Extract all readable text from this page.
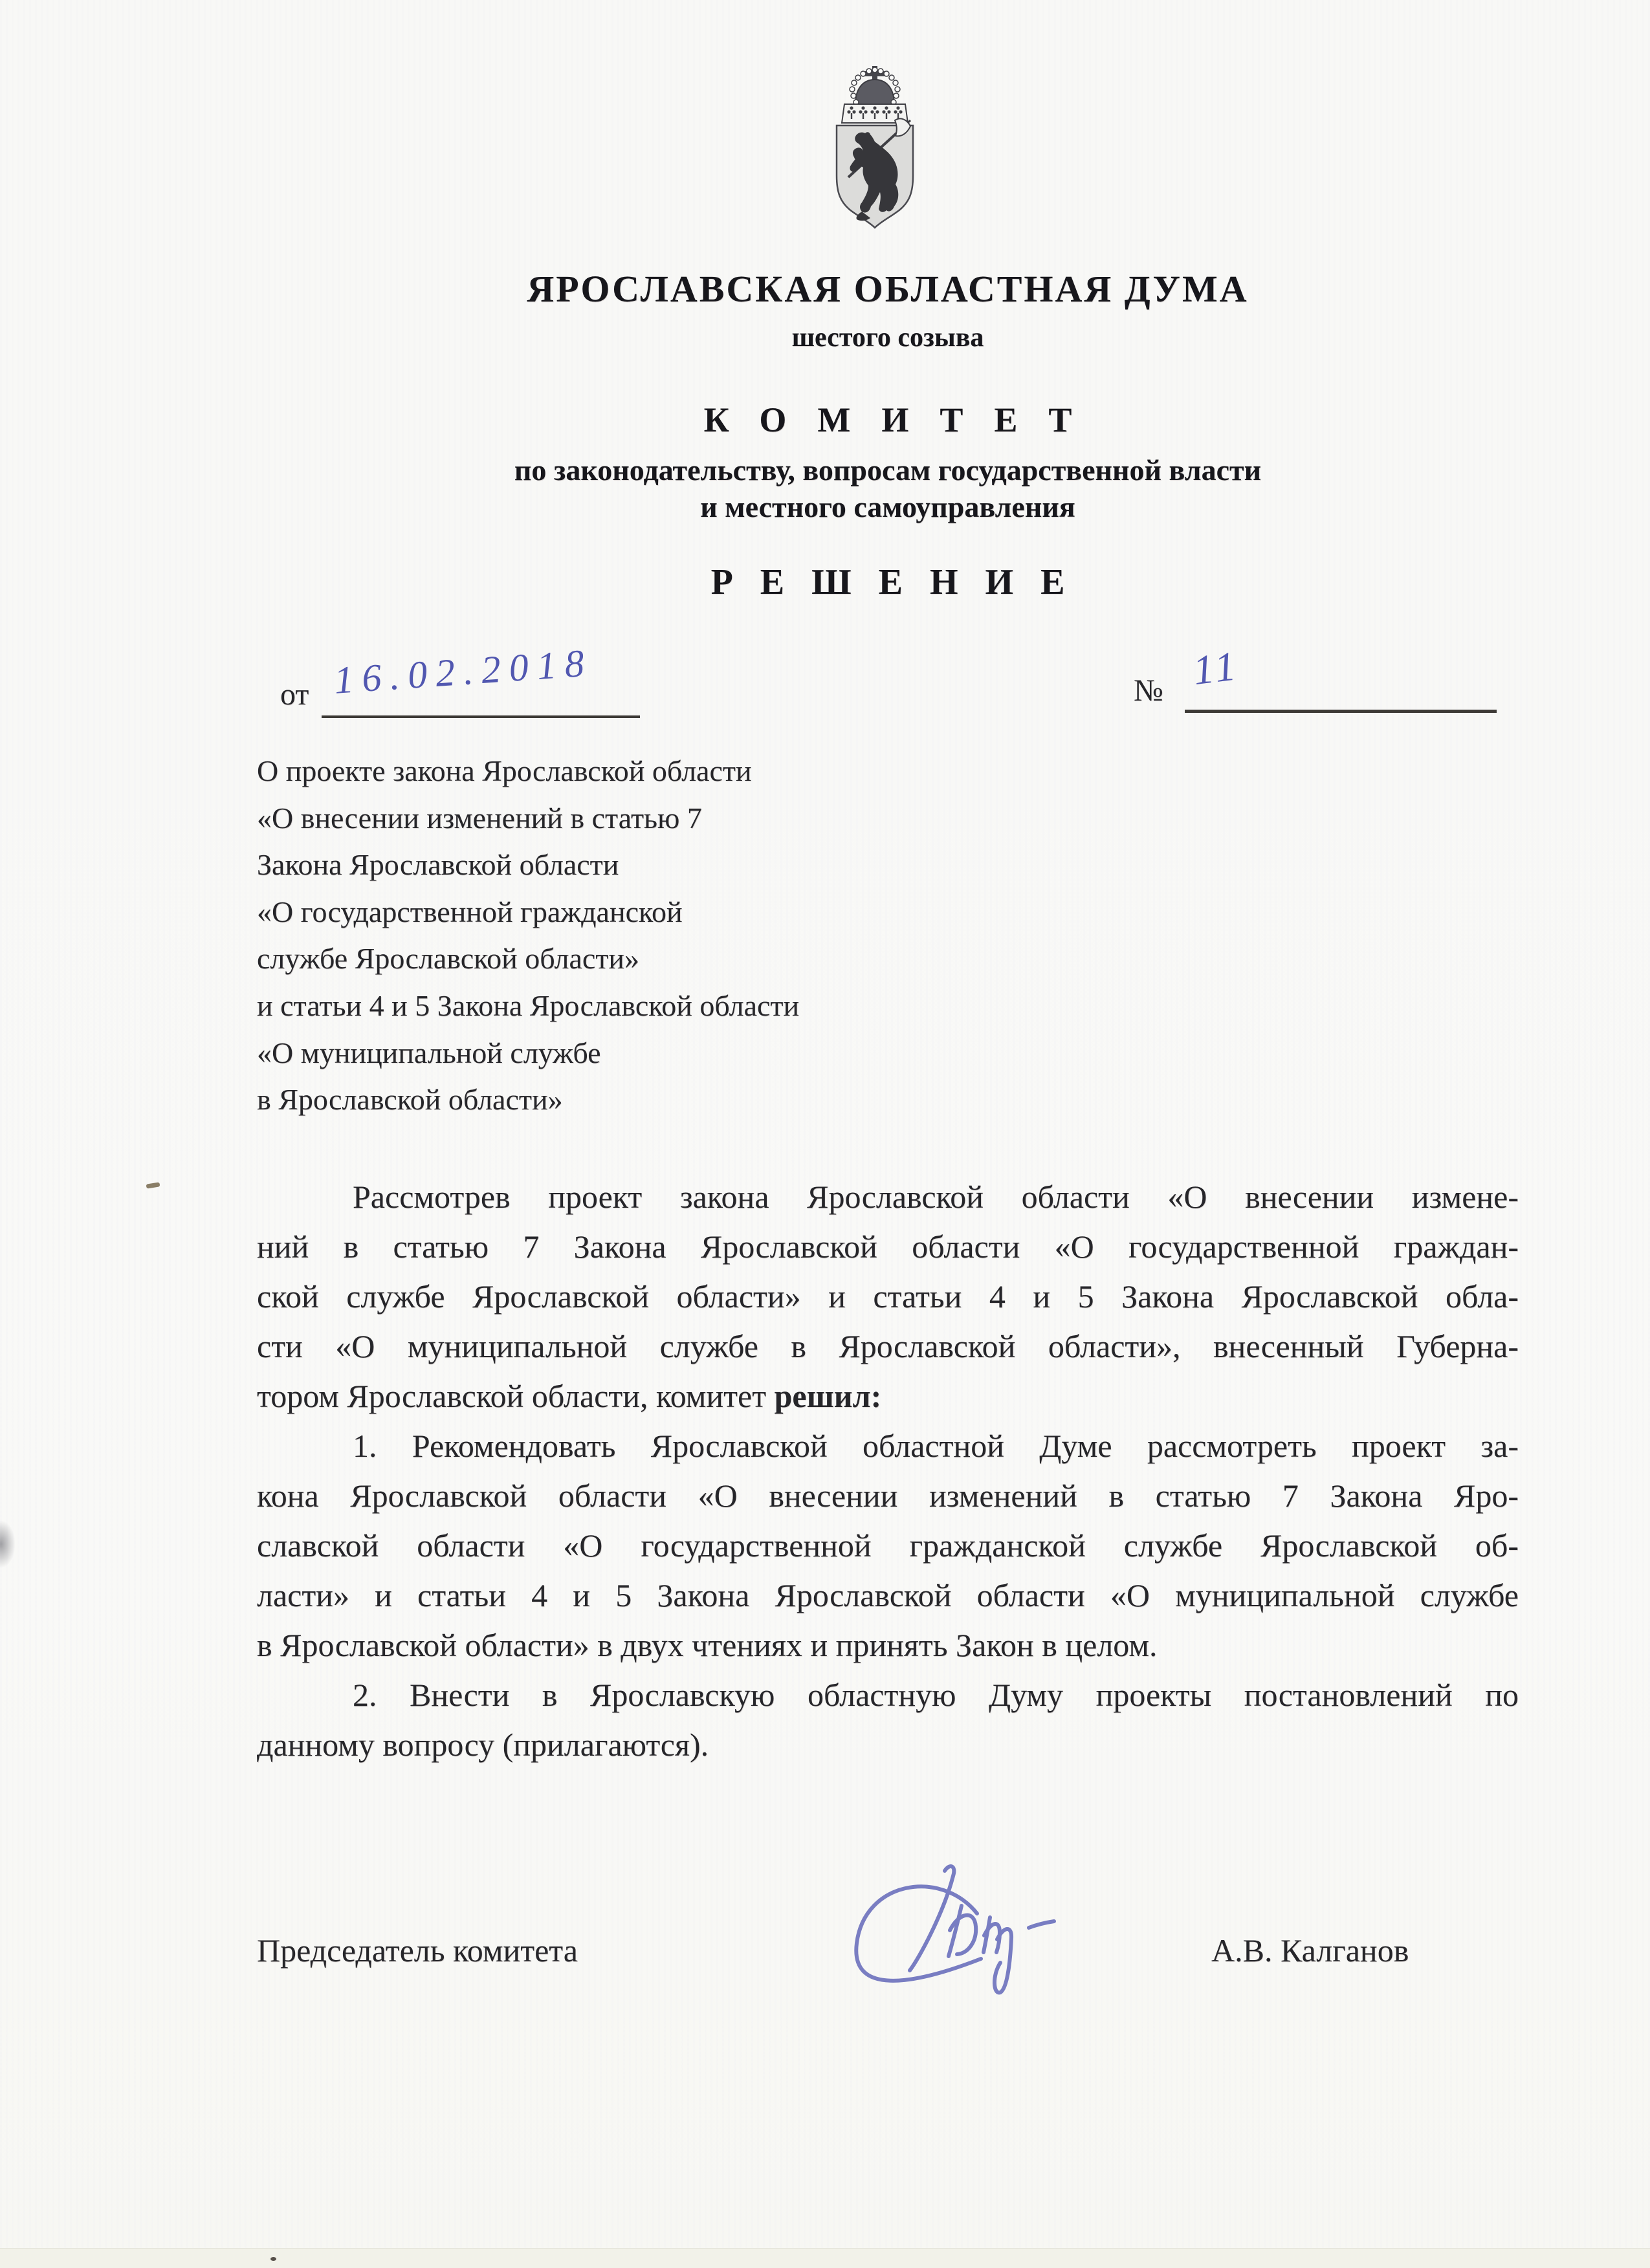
ЯРОСЛАВСКАЯ ОБЛАСТНАЯ ДУМА
шестого созыва
КОМИТЕТ
по законодательству, вопросам государственной власти
и местного самоуправления
РЕШЕНИЕ
от 16.02.2018	№ 11
О проекте закона Ярославской области
«О внесении изменений в статью 7
Закона Ярославской области
«О государственной гражданской
службе Ярославской области»
и статьи 4 и 5 Закона Ярославской области
«О муниципальной службе
в Ярославской области»
Рассмотрев проект закона Ярославской области «О внесении измене-
ний в статью 7 Закона Ярославской области «О государственной граждан-
ской службе Ярославской области» и статьи 4 и 5 Закона Ярославской обла-
сти «О муниципальной службе в Ярославской области», внесенный Губерна-
тором Ярославской области, комитет решил:
1. Рекомендовать Ярославской областной Думе рассмотреть проект за-
кона Ярославской области «О внесении изменений в статью 7 Закона Яро-
славской области «О государственной гражданской службе Ярославской об-
ласти» и статьи 4 и 5 Закона Ярославской области «О муниципальной службе
в Ярославской области» в двух чтениях и принять Закон в целом.
2. Внести в Ярославскую областную Думу проекты постановлений по
данному вопросу (прилагаются).
Председатель комитета	А.В. Калганов
